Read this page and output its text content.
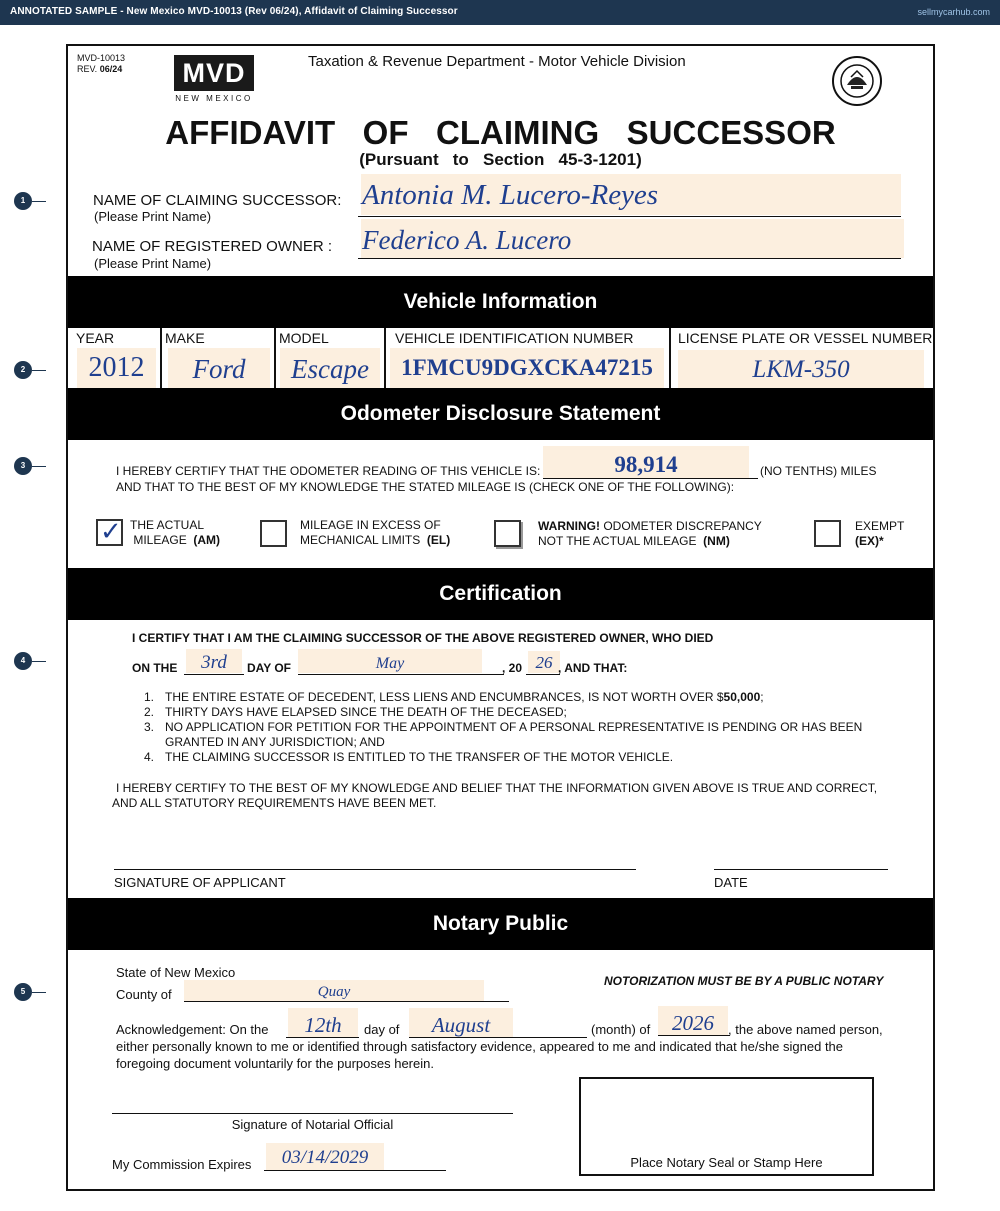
ANNOTATED SAMPLE - New Mexico MVD-10013 (Rev 06/24), Affidavit of Claiming Successor	sellmycarhub.com
1
2
3
4
5
MVD-10013
REV. 06/24	MVD
NEW MEXICO
Taxation & Revenue Department - Motor Vehicle Division
AFFIDAVIT   OF   CLAIMING   SUCCESSOR
(Pursuant   to   Section   45-3-1201)
NAME OF CLAIMING SUCCESSOR:
(Please Print Name)
Antonia M. Lucero-Reyes
NAME OF REGISTERED OWNER :
(Please Print Name)
Federico A. Lucero
Vehicle Information
YEAR	MAKE	MODEL	VEHICLE IDENTIFICATION NUMBER	LICENSE PLATE OR VESSEL NUMBER
2012	Ford	Escape	1FMCU9DGXCKA47215	LKM-350
Odometer Disclosure Statement
I HEREBY CERTIFY THAT THE ODOMETER READING OF THIS VEHICLE IS:	98,914	(NO TENTHS) MILES
AND THAT TO THE BEST OF MY KNOWLEDGE THE STATED MILEAGE IS (CHECK ONE OF THE FOLLOWING):
✓ THE ACTUAL
MILEAGE (AM)
MILEAGE IN EXCESS OF
MECHANICAL LIMITS (EL)
WARNING! ODOMETER DISCREPANCY
NOT THE ACTUAL MILEAGE (NM)
EXEMPT
(EX)*
Certification
I CERTIFY THAT I AM THE CLAIMING SUCCESSOR OF THE ABOVE REGISTERED OWNER, WHO DIED
ON THE	3rd	DAY OF	May	, 20 26 , AND THAT:
1. THE ENTIRE ESTATE OF DECEDENT, LESS LIENS AND ENCUMBRANCES, IS NOT WORTH OVER $50,000;
2. THIRTY DAYS HAVE ELAPSED SINCE THE DEATH OF THE DECEASED;
3. NO APPLICATION FOR PETITION FOR THE APPOINTMENT OF A PERSONAL REPRESENTATIVE IS PENDING OR HAS BEEN
GRANTED IN ANY JURISDICTION; AND
4. THE CLAIMING SUCCESSOR IS ENTITLED TO THE TRANSFER OF THE MOTOR VEHICLE.
I HEREBY CERTIFY TO THE BEST OF MY KNOWLEDGE AND BELIEF THAT THE INFORMATION GIVEN ABOVE IS TRUE AND CORRECT,
AND ALL STATUTORY REQUIREMENTS HAVE BEEN MET.
SIGNATURE OF APPLICANT	DATE
Notary Public
State of New Mexico
County of	Quay
NOTORIZATION MUST BE BY A PUBLIC NOTARY
Acknowledgement: On the	12th	day of	August	(month) of	2026	, the above named person,
either personally known to me or identified through satisfactory evidence, appeared to me and indicated that he/she signed the
foregoing document voluntarily for the purposes herein.
Signature of Notarial Official
My Commission Expires	03/14/2029	Place Notary Seal or Stamp Here
